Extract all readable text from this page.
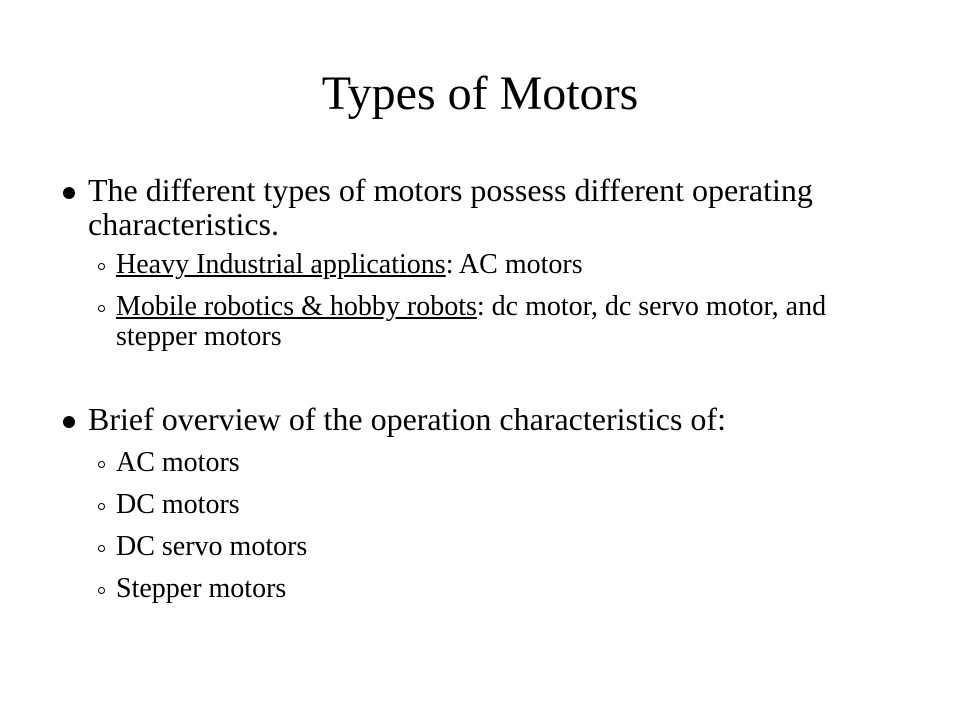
Types of Motors
The different types of motors possess different operating characteristics.
Heavy Industrial applications: AC motors
Mobile robotics & hobby robots: dc motor, dc servo motor, and stepper motors
Brief overview of the operation characteristics of:
AC motors
DC motors
DC servo motors
Stepper motors
